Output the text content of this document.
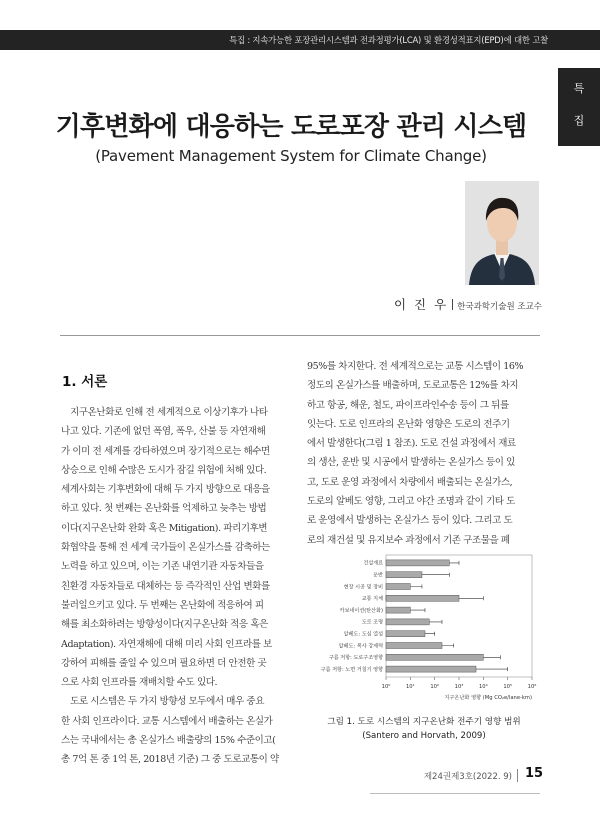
특집 : 지속가능한 포장관리시스템과 전과정평가(LCA) 및 환경성적표지(EPD)에 대한 고찰
특
집
기후변화에 대응하는 도로포장 관리 시스템
(Pavement Management System for Climate Change)
이 진 우 한국과학기술원 조교수
1. 서론
　지구온난화로 인해 전 세계적으로 이상기후가 나타
나고 있다. 기존에 없던 폭염, 폭우, 산불 등 자연재해
가 이미 전 세계를 강타하였으며 장기적으로는 해수면
상승으로 인해 수많은 도시가 잠길 위험에 처해 있다.
세계사회는 기후변화에 대해 두 가지 방향으로 대응을
하고 있다. 첫 번째는 온난화를 억제하고 늦추는 방법
이다(지구온난화 완화 혹은 Mitigation). 파리기후변
화협약을 통해 전 세계 국가들이 온실가스를 감축하는
노력을 하고 있으며, 이는 기존 내연기관 자동차들을
친환경 자동차들로 대체하는 등 즉각적인 산업 변화를
불러일으키고 있다. 두 번째는 온난화에 적응하여 피
해를 최소화하려는 방향성이다(지구온난화 적응 혹은
Adaptation). 자연재해에 대해 미리 사회 인프라를 보
강하여 피해를 줄일 수 있으며 필요하면 더 안전한 곳
으로 사회 인프라를 재배치할 수도 있다.
　도로 시스템은 두 가지 방향성 모두에서 매우 중요
한 사회 인프라이다. 교통 시스템에서 배출하는 온실가
스는 국내에서는 총 온실가스 배출량의 15% 수준이고(
총 7억 톤 중 1억 톤, 2018년 기준) 그 중 도로교통이 약
95%를 차지한다. 전 세계적으로는 교통 시스템이 16%
정도의 온실가스를 배출하며, 도로교통은 12%를 차지
하고 항공, 해운, 철도, 파이프라인수송 등이 그 뒤를
잇는다. 도로 인프라의 온난화 영향은 도로의 전주기
에서 발생한다(그림 1 참조). 도로 건설 과정에서 재료
의 생산, 운반 및 시공에서 발생하는 온실가스 등이 있
고, 도로 운영 과정에서 차량에서 배출되는 온실가스,
도로의 알베도 영향, 그리고 야간 조명과 같이 기타 도
로 운영에서 발생하는 온실가스 등이 있다. 그리고 도
로의 재건설 및 유지보수 과정에서 기존 구조물을 폐
10⁰	10¹	10²	10³	10⁴	10⁵	10⁶
건설재료
운반
현장 시공 및 장비
교통 지체
카보네이션(탄산화)
도로 조명
알베도: 도심 열섬
알베도: 복사 강제력
구름 저항: 도로구조영향
구름 저항: 노면 거칠기 영향
지구온난화 영향 (Mg CO₂e/lane-km)
그림 1. 도로 시스템의 지구온난화 전주기 영향 범위
(Santero and Horvath, 2009)
제24권제3호(2022. 9) 15
